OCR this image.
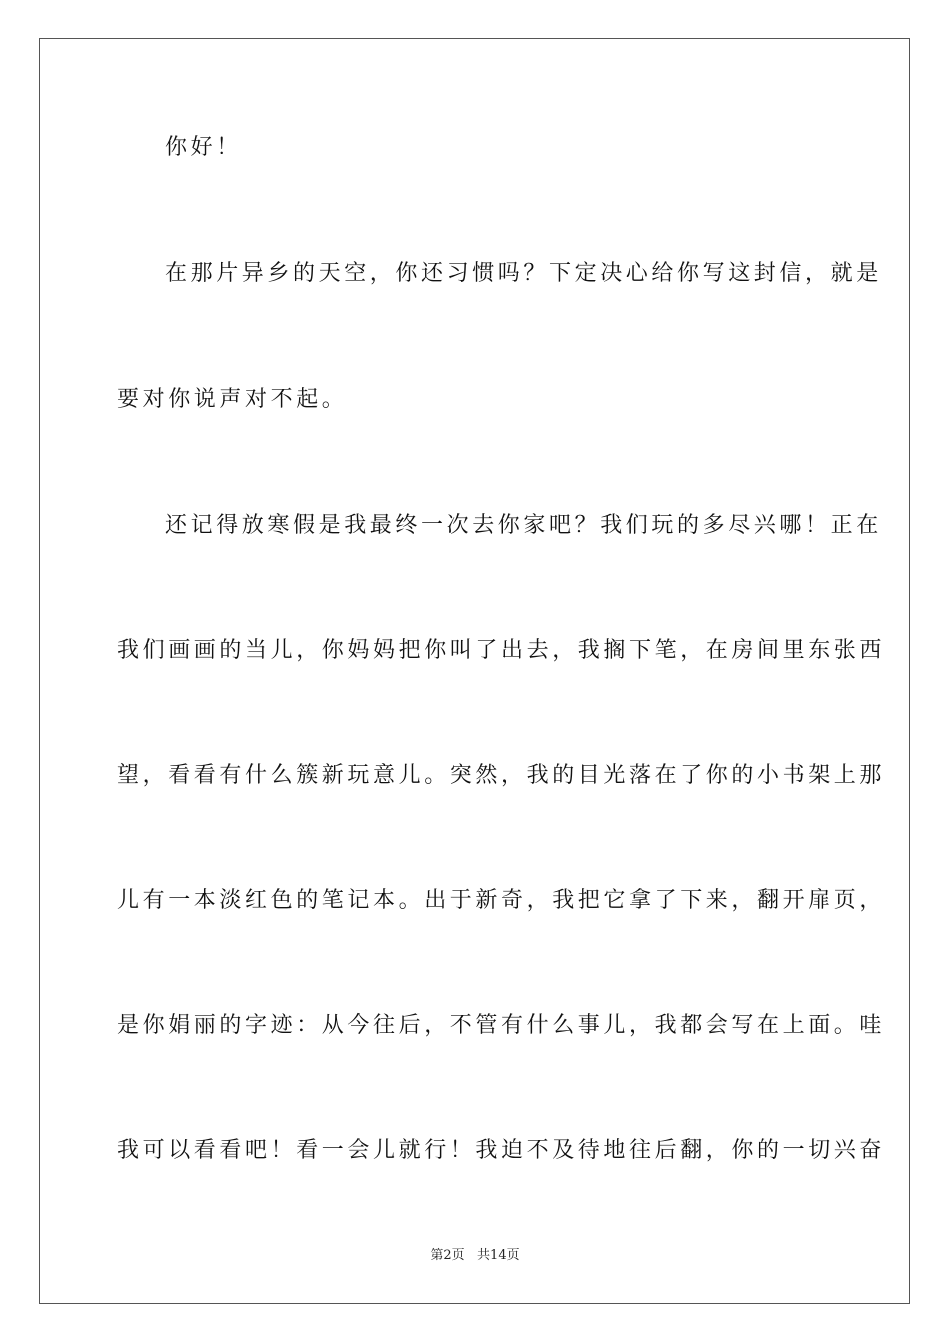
你好！
在那片异乡的天空，你还习惯吗？下定决心给你写这封信，就是
要对你说声对不起。
还记得放寒假是我最终一次去你家吧？我们玩的多尽兴哪！正在
我们画画的当儿，你妈妈把你叫了出去，我搁下笔，在房间里东张西
望，看看有什么簇新玩意儿。突然，我的目光落在了你的小书架上那
儿有一本淡红色的笔记本。出于新奇，我把它拿了下来，翻开扉页，
是你娟丽的字迹：从今往后，不管有什么事儿，我都会写在上面。哇
我可以看看吧！看一会儿就行！我迫不及待地往后翻，你的一切兴奋
第2页   共14页
